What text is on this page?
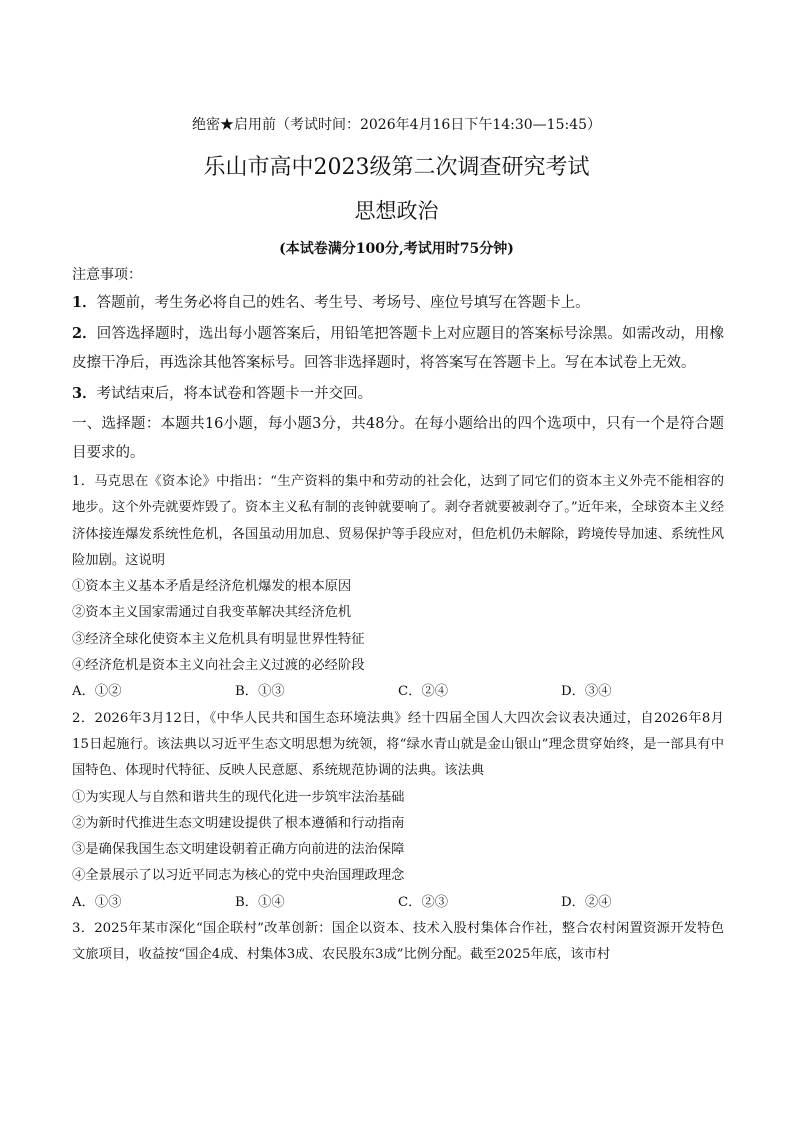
绝密★启用前（考试时间：2026年4月16日下午14:30—15:45）
乐山市高中2023级第二次调查研究考试
思想政治
(本试卷满分100分,考试用时75分钟)

注意事项：

1．答题前，考生务必将自己的姓名、考生号、考场号、座位号填写在答题卡上。

2．回答选择题时，选出每小题答案后，用铅笔把答题卡上对应题目的答案标号涂黑。如需改动，用橡皮擦干净后，再选涂其他答案标号。回答非选择题时，将答案写在答题卡上。写在本试卷上无效。

3．考试结束后，将本试卷和答题卡一并交回。

一、选择题：本题共16小题，每小题3分，共48分。在每小题给出的四个选项中，只有一个是符合题目要求的。

1．马克思在《资本论》中指出：“生产资料的集中和劳动的社会化，达到了同它们的资本主义外壳不能相容的地步。这个外壳就要炸毁了。资本主义私有制的丧钟就要响了。剥夺者就要被剥夺了。”近年来，全球资本主义经济体接连爆发系统性危机，各国虽动用加息、贸易保护等手段应对，但危机仍未解除，跨境传导加速、系统性风险加剧。这说明

①资本主义基本矛盾是经济危机爆发的根本原因

②资本主义国家需通过自我变革解决其经济危机

③经济全球化使资本主义危机具有明显世界性特征

④经济危机是资本主义向社会主义过渡的必经阶段

A．①②	B．①③	C．②④	D．③④

2．2026年3月12日，《中华人民共和国生态环境法典》经十四届全国人大四次会议表决通过，自2026年8月15日起施行。该法典以习近平生态文明思想为统领，将“绿水青山就是金山银山”理念贯穿始终，是一部具有中国特色、体现时代特征、反映人民意愿、系统规范协调的法典。该法典

①为实现人与自然和谐共生的现代化进一步筑牢法治基础

②为新时代推进生态文明建设提供了根本遵循和行动指南

③是确保我国生态文明建设朝着正确方向前进的法治保障

④全景展示了以习近平同志为核心的党中央治国理政理念

A．①③	B．①④	C．②③	D．②④

3．2025年某市深化“国企联村”改革创新：国企以资本、技术入股村集体合作社，整合农村闲置资源开发特色文旅项目，收益按“国企4成、村集体3成、农民股东3成”比例分配。截至2025年底，该市村
